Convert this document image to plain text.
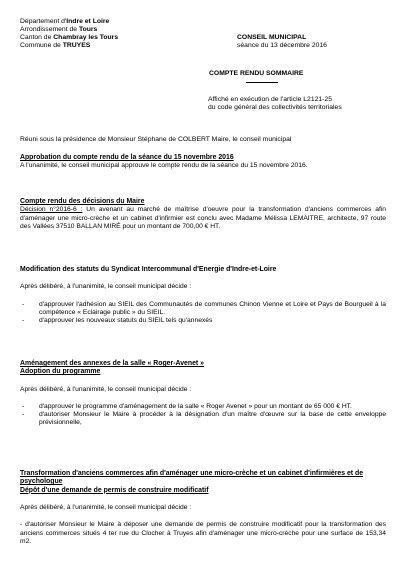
Département d'Indre et Loire
Arrondissement de Tours
Canton de Chambray les Tours
Commune de TRUYES
CONSEIL MUNICIPAL
séance du 13 décembre 2016
COMPTE RENDU SOMMAIRE
Affiché en exécution de l'article L2121-25
du code général des collectivités territoriales
Réuni sous la présidence de Monsieur Stéphane de COLBERT Maire, le conseil municipal
Approbation du compte rendu de la séance du 15 novembre 2016

A l'unanimité, le conseil municipal approuve le compte rendu de la séance du 15 novembre 2016.

Compte rendu des décisions du Maire

Décision n°2016-6 : Un avenant au marché de maîtrise d'oeuvre pour la transformation d'anciens commerces afin d'aménager une micro-crèche et un cabinet d'infirmier est conclu avec Madame Mélissa LEMAITRE, architecte, 97 route des Vallées 37510 BALLAN MIRÉ pour un montant de 700,00 € HT.

Modification des statuts du Syndicat Intercommunal d'Energie d'Indre-et-Loire

Après délibéré, à l'unanimité, le conseil municipal décide :

- d'approuver l'adhésion au SIEIL des Communautés de communes Chinon Vienne et Loire et Pays de Bourgueil à la compétence « Eclairage public » du SIEIL.
- d'approuver les nouveaux statuts du SIEIL tels qu'annexés
Aménagement des annexes de la salle « Roger-Avenet »
Adoption du programme

Après délibéré, à l'unanimité, le conseil municipal décide :

- d'approuver le programme d'aménagement de la salle « Roger Avenet » pour un montant de 65 000 € HT.
- d'autoriser Monsieur le Maire à procéder à la désignation d'un maître d'œuvre sur la base de cette enveloppe prévisionnelle,
Transformation d'anciens commerces afin d'aménager une micro-crèche et un cabinet d'infirmières et de psychologue
Dépôt d'une demande de permis de construire modificatif

Après délibéré, à l'unanimité, le conseil municipal décide :

- d'autoriser Monsieur le Maire à déposer une demande de permis de construire modificatif pour la transformation des anciens commerces situés 4 ter rue du Clocher à Truyes afin d'aménager une micro-crèche pour une surface de 153,34 m2.
